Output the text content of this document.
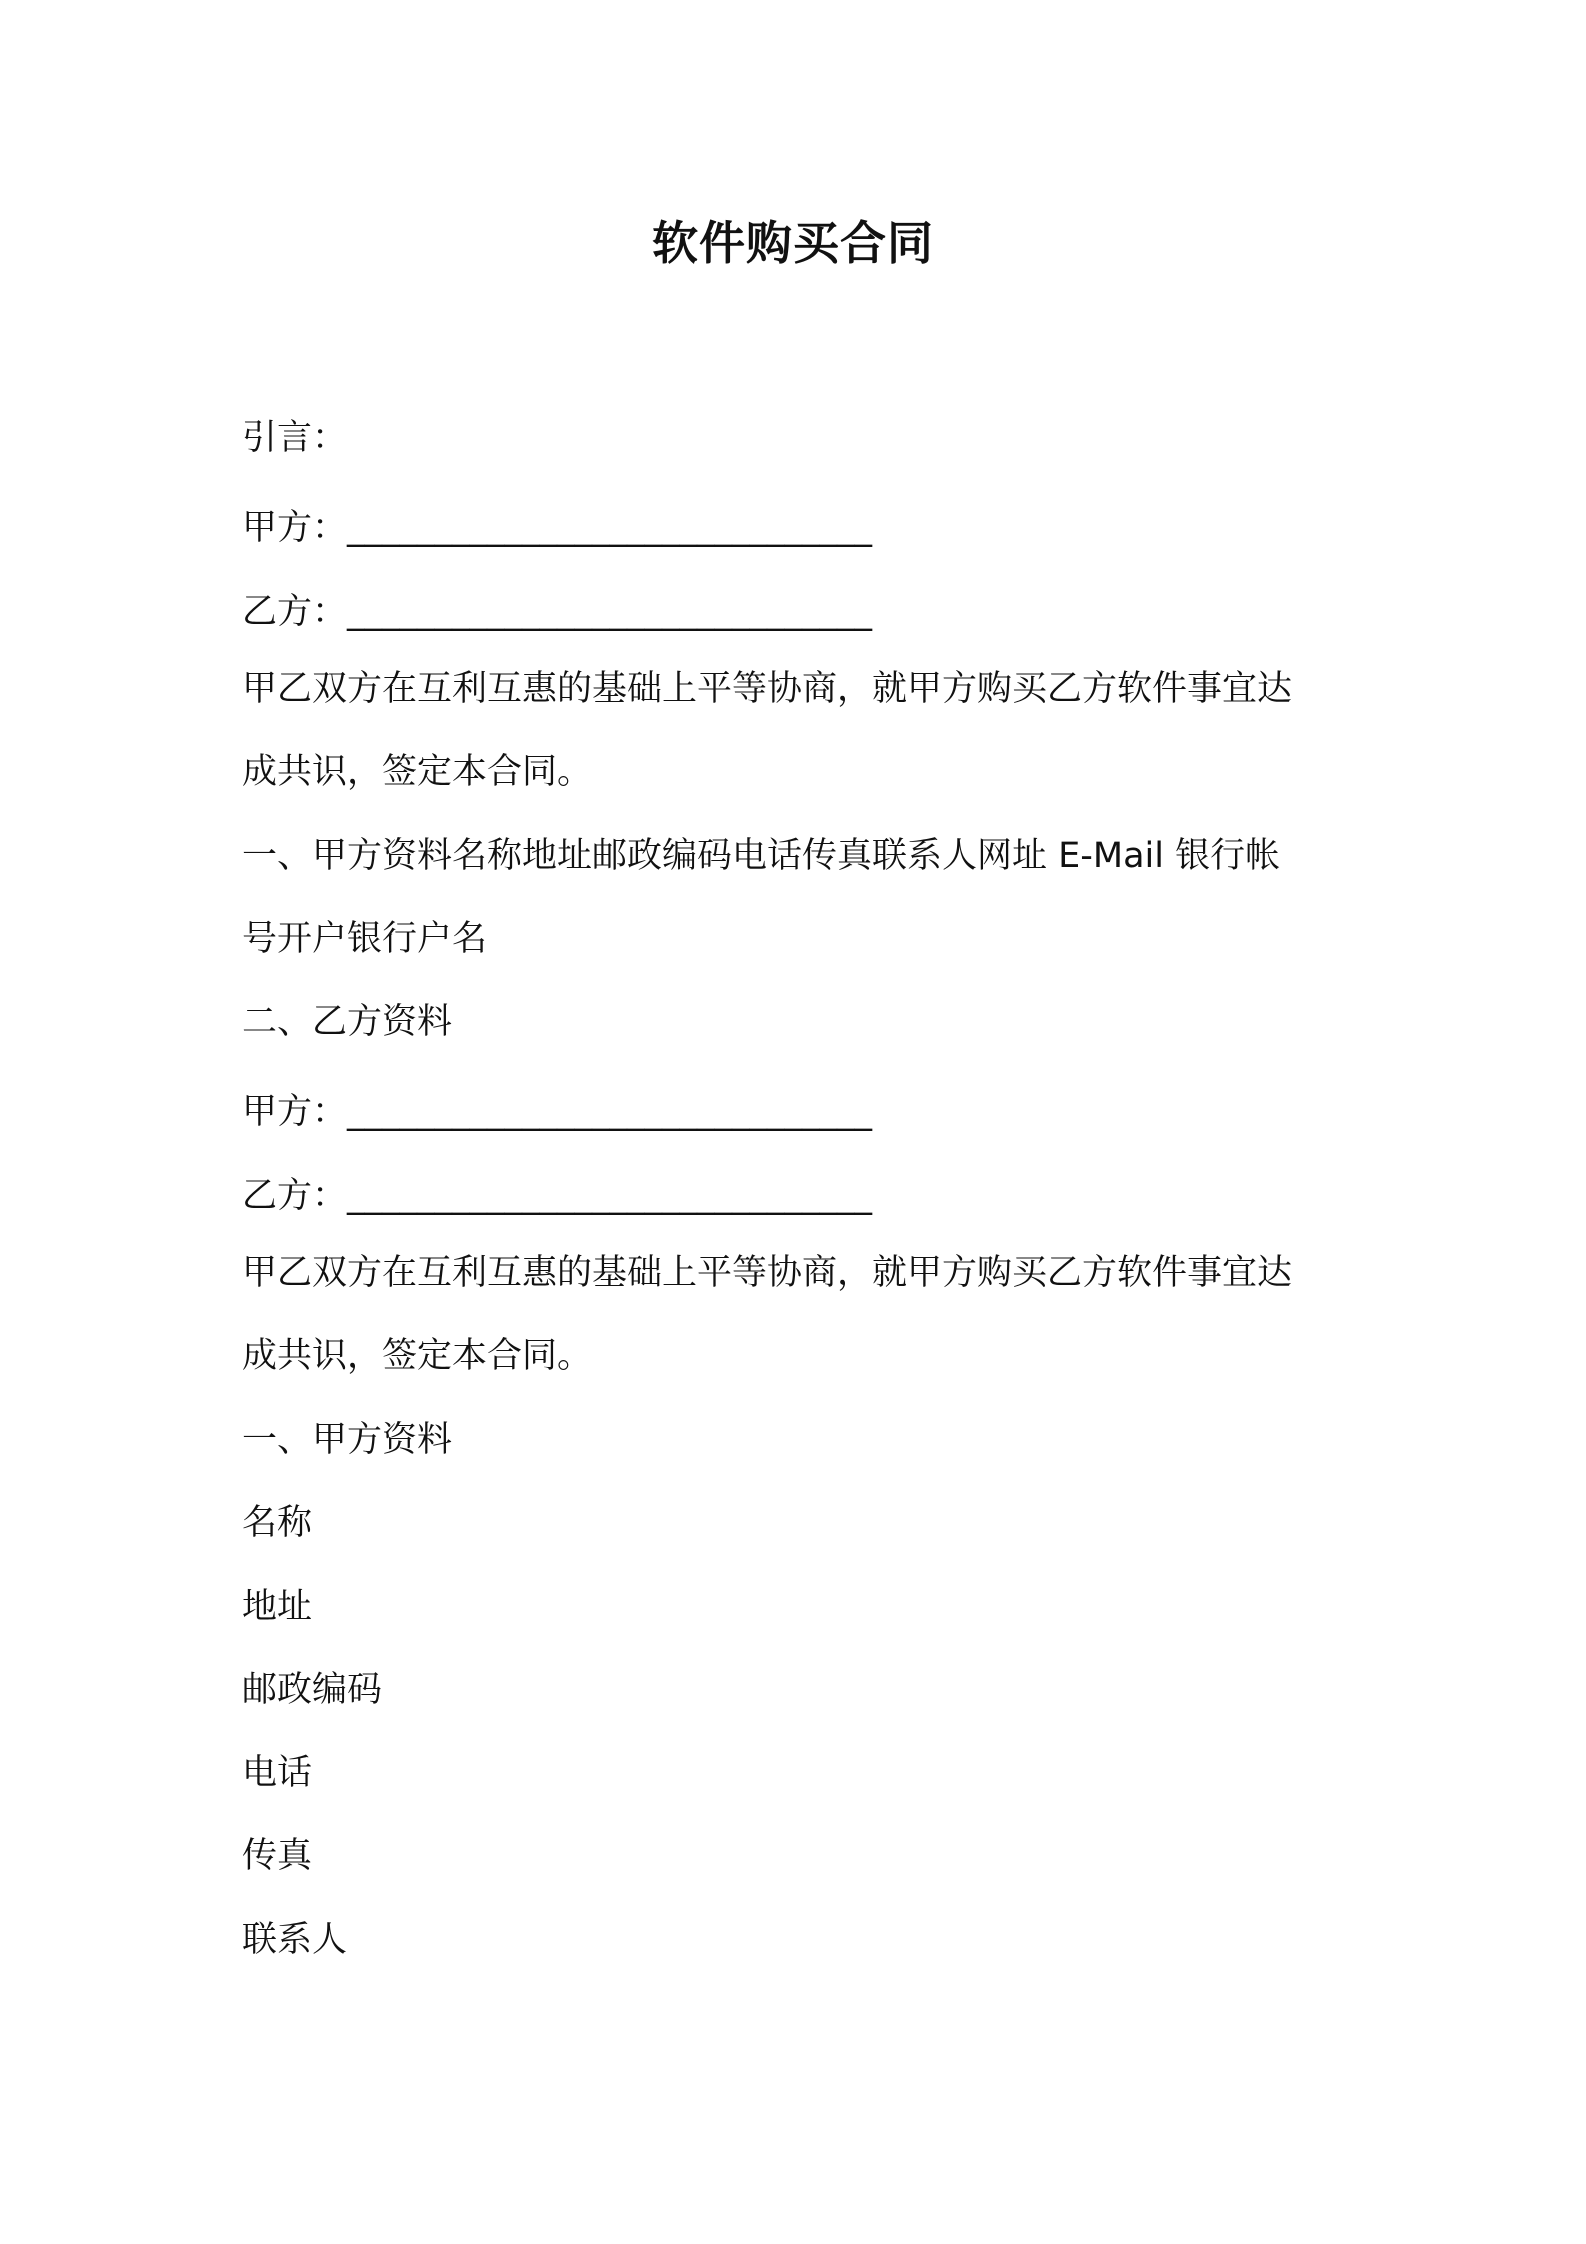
软件购买合同
引言：
甲方：______________________________
乙方：______________________________
甲乙双方在互利互惠的基础上平等协商，就甲方购买乙方软件事宜达
成共识，签定本合同。
一、甲方资料名称地址邮政编码电话传真联系人网址 E-Mail 银行帐
号开户银行户名
二、乙方资料
甲方：______________________________
乙方：______________________________
甲乙双方在互利互惠的基础上平等协商，就甲方购买乙方软件事宜达
成共识，签定本合同。
一、甲方资料
名称
地址
邮政编码
电话
传真
联系人
